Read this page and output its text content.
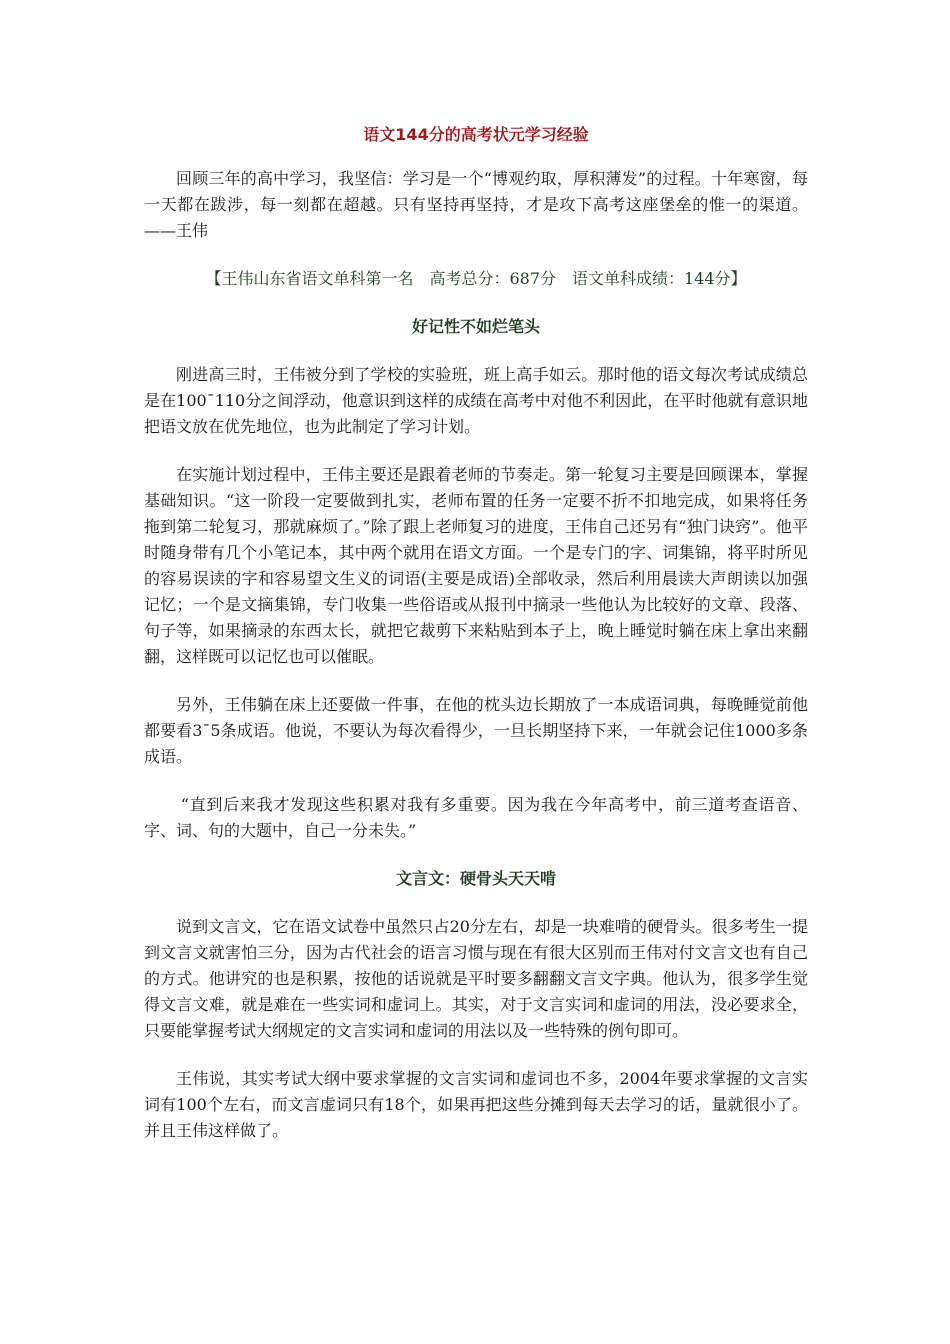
语文144分的高考状元学习经验

回顾三年的高中学习，我坚信：学习是一个“博观约取，厚积薄发”的过程。十年寒窗，每一天都在跋涉，每一刻都在超越。只有坚持再坚持，才是攻下高考这座堡垒的惟一的渠道。——王伟

【王伟山东省语文单科第一名　高考总分：687分　语文单科成绩：144分】

好记性不如烂笔头

刚进高三时，王伟被分到了学校的实验班，班上高手如云。那时他的语文每次考试成绩总是在100¯110分之间浮动，他意识到这样的成绩在高考中对他不利因此，在平时他就有意识地把语文放在优先地位，也为此制定了学习计划。

在实施计划过程中，王伟主要还是跟着老师的节奏走。第一轮复习主要是回顾课本，掌握基础知识。“这一阶段一定要做到扎实，老师布置的任务一定要不折不扣地完成，如果将任务拖到第二轮复习，那就麻烦了。”除了跟上老师复习的进度，王伟自己还另有“独门诀窍”。他平时随身带有几个小笔记本，其中两个就用在语文方面。一个是专门的字、词集锦，将平时所见的容易误读的字和容易望文生义的词语(主要是成语)全部收录，然后利用晨读大声朗读以加强记忆；一个是文摘集锦，专门收集一些俗语或从报刊中摘录一些他认为比较好的文章、段落、句子等，如果摘录的东西太长，就把它裁剪下来粘贴到本子上，晚上睡觉时躺在床上拿出来翻翻，这样既可以记忆也可以催眠。

另外，王伟躺在床上还要做一件事，在他的枕头边长期放了一本成语词典，每晚睡觉前他都要看3¯5条成语。他说，不要认为每次看得少，一旦长期坚持下来，一年就会记住1000多条成语。

“直到后来我才发现这些积累对我有多重要。因为我在今年高考中，前三道考查语音、字、词、句的大题中，自己一分未失。”

文言文：硬骨头天天啃

说到文言文，它在语文试卷中虽然只占20分左右，却是一块难啃的硬骨头。很多考生一提到文言文就害怕三分，因为古代社会的语言习惯与现在有很大区别而王伟对付文言文也有自己的方式。他讲究的也是积累，按他的话说就是平时要多翻翻文言文字典。他认为，很多学生觉得文言文难，就是难在一些实词和虚词上。其实，对于文言实词和虚词的用法，没必要求全，只要能掌握考试大纲规定的文言实词和虚词的用法以及一些特殊的例句即可。

王伟说，其实考试大纲中要求掌握的文言实词和虚词也不多，2004年要求掌握的文言实词有100个左右，而文言虚词只有18个，如果再把这些分摊到每天去学习的话，量就很小了。并且王伟这样做了。
